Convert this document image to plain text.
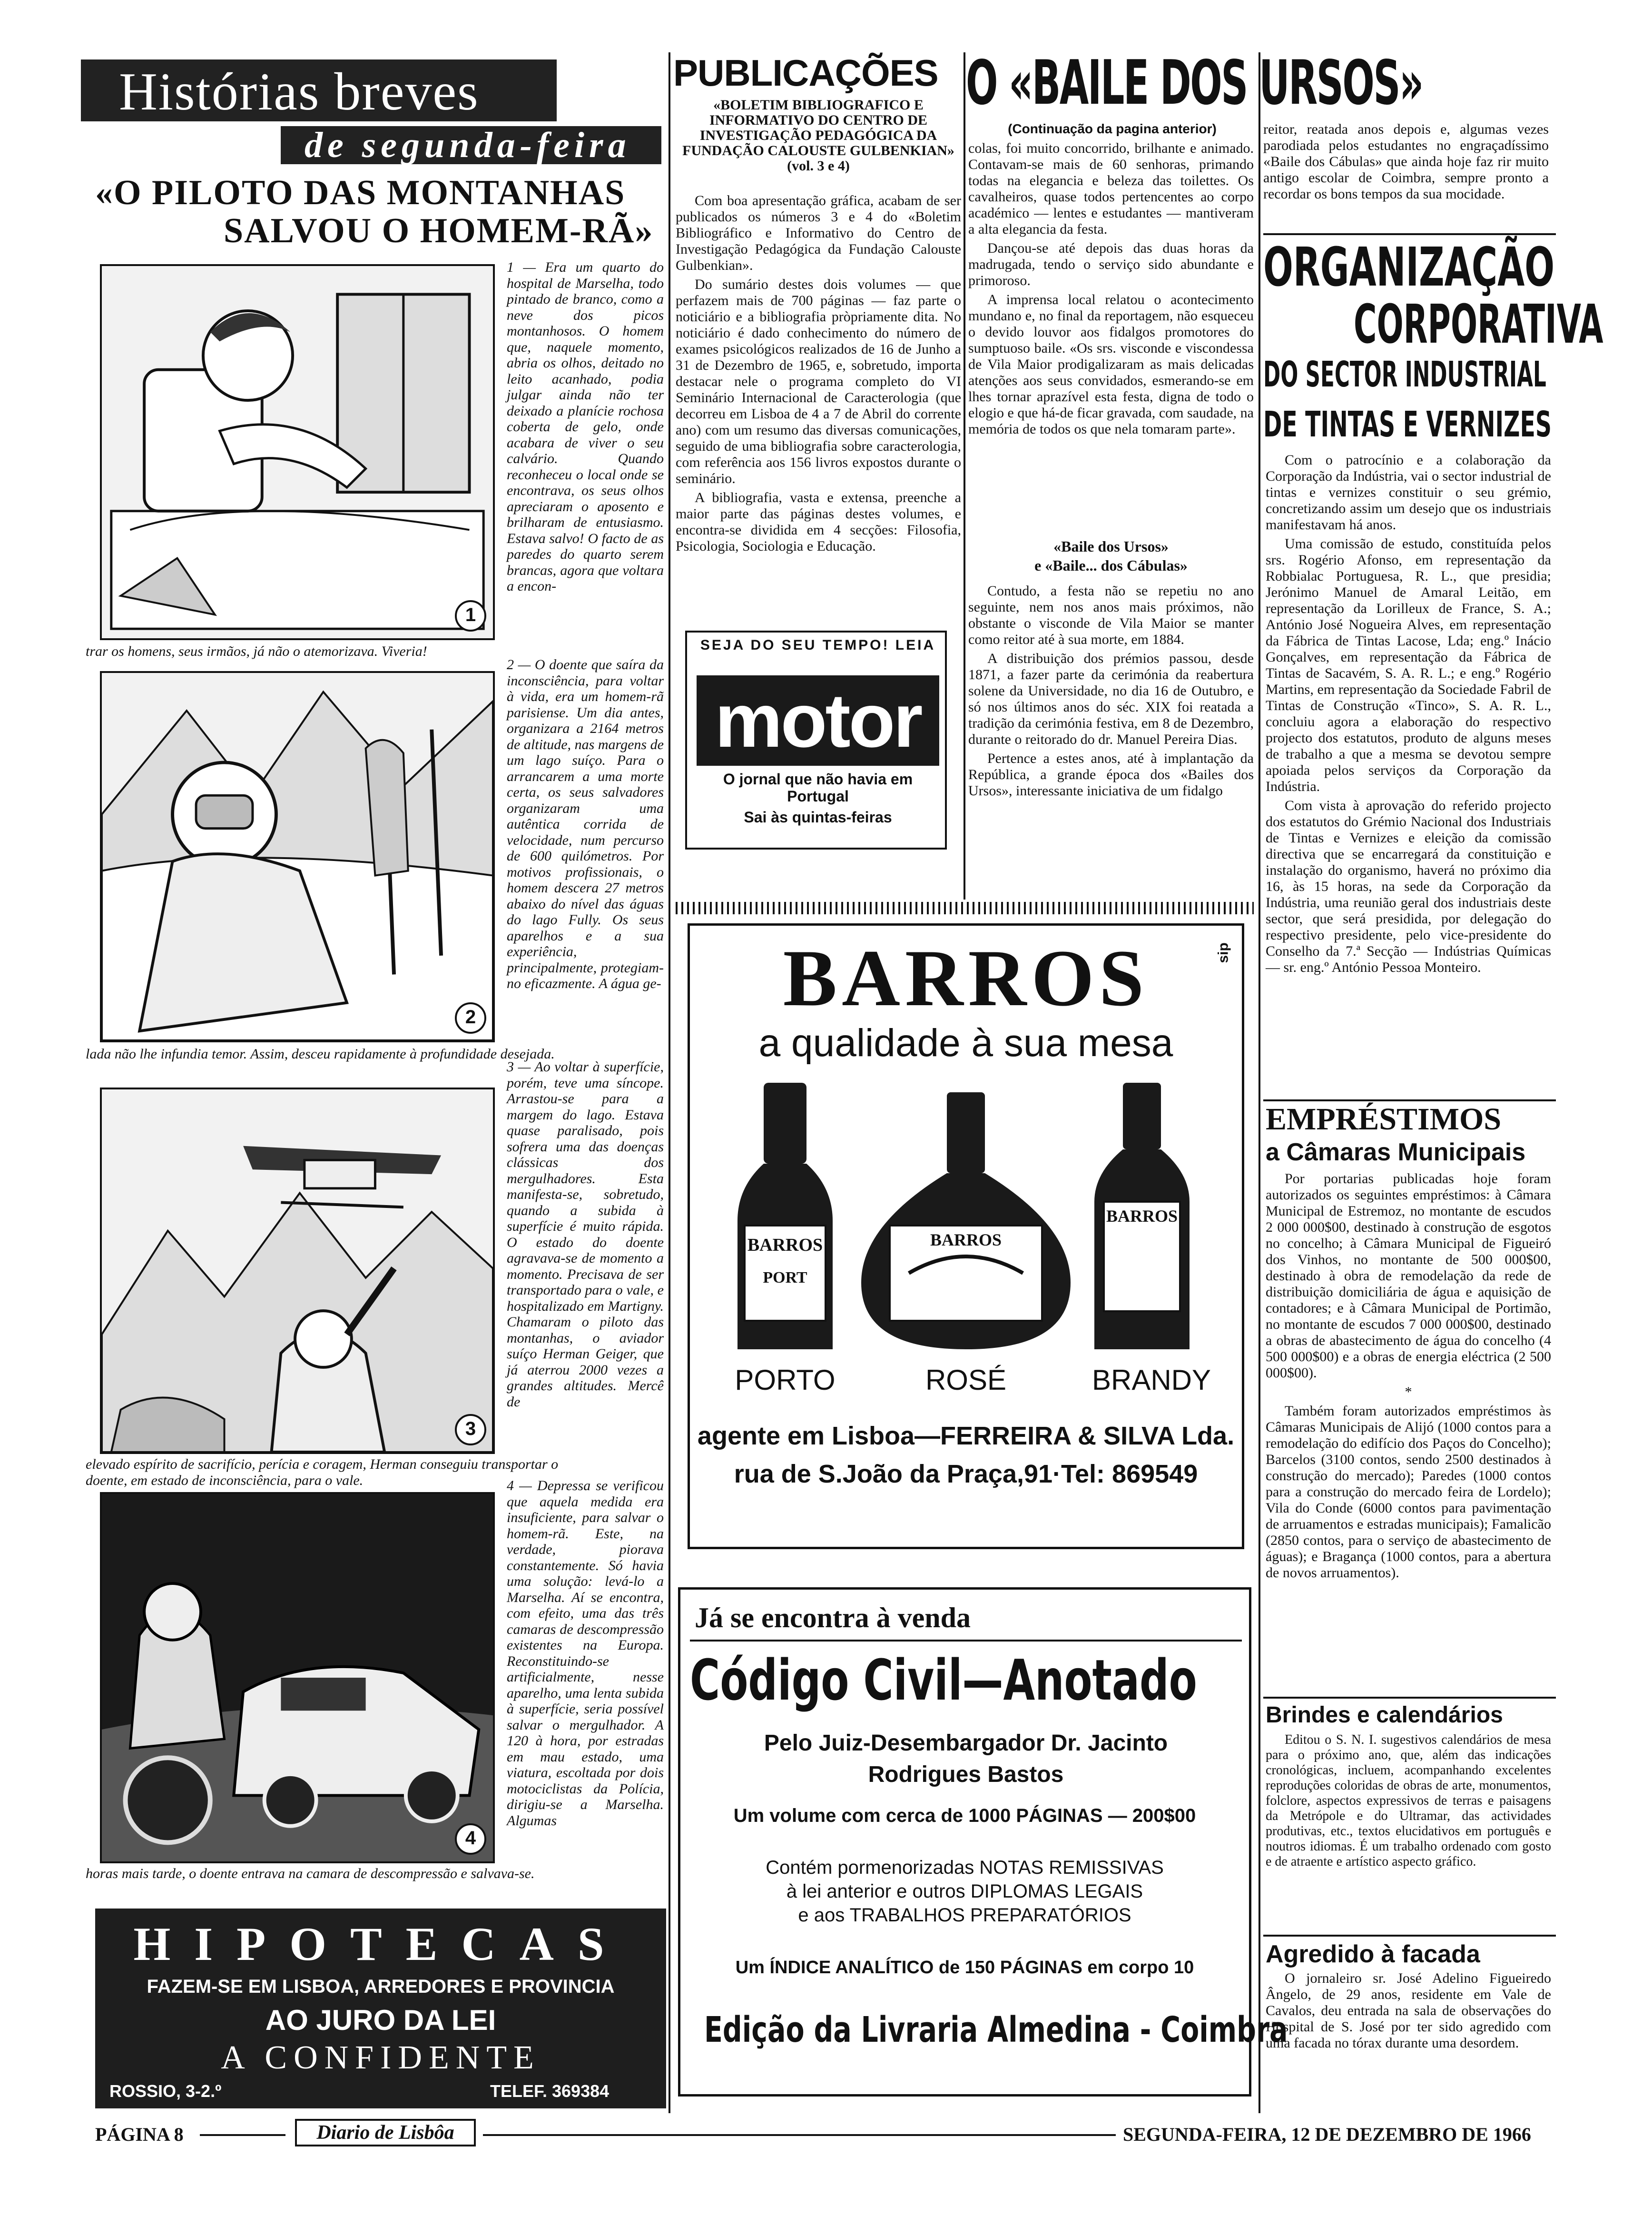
Histórias breves
de segunda-feira
«O PILOTO DAS MONTANHAS
SALVOU O HOMEM-RÃ»
1
1 — Era um quarto do hospital de Marselha, todo pintado de branco, como a neve dos picos montanhosos. O homem que, naquele momento, abria os olhos, deitado no leito acanhado, podia julgar ainda não ter deixado a planície rochosa coberta de gelo, onde acabara de viver o seu calvário. Quando reconheceu o local onde se encontrava, os seus olhos apreciaram o aposento e brilharam de entusiasmo. Estava salvo! O facto de as paredes do quarto serem brancas, agora que voltara a encon-
trar os homens, seus irmãos, já não o atemorizava. Viveria!
2
2 — O doente que saíra da inconsciência, para voltar à vida, era um homem-rã parisiense. Um dia antes, organizara a 2164 metros de altitude, nas margens de um lago suíço. Para o arrancarem a uma morte certa, os seus salvadores organizaram uma autêntica corrida de velocidade, num percurso de 600 quilómetros. Por motivos profissionais, o homem descera 27 metros abaixo do nível das águas do lago Fully. Os seus aparelhos e a sua experiência, principalmente, protegiam-no eficazmente. A água ge-
lada não lhe infundia temor. Assim, desceu rapidamente à profundidade desejada.
3
3 — Ao voltar à superfície, porém, teve uma síncope. Arrastou-se para a margem do lago. Estava quase paralisado, pois sofrera uma das doenças clássicas dos mergulhadores. Esta manifesta-se, sobretudo, quando a subida à superfície é muito rápida. O estado do doente agravava-se de momento a momento. Precisava de ser transportado para o vale, e hospitalizado em Martigny. Chamaram o piloto das montanhas, o aviador suíço Herman Geiger, que já aterrou 2000 vezes a grandes altitudes. Mercê de
elevado espírito de sacrifício, perícia e coragem, Herman conseguiu transportar o doente, em estado de inconsciência, para o vale.
4
4 — Depressa se verificou que aquela medida era insuficiente, para salvar o homem-rã. Este, na verdade, piorava constantemente. Só havia uma solução: levá-lo a Marselha. Aí se encontra, com efeito, uma das três camaras de descompressão existentes na Europa. Reconstituindo-se artificialmente, nesse aparelho, uma lenta subida à superfície, seria possível salvar o mergulhador. A 120 à hora, por estradas em mau estado, uma viatura, escoltada por dois motociclistas da Polícia, dirigiu-se a Marselha. Algumas
horas mais tarde, o doente entrava na camara de descompressão e salvava-se.
HIPOTECAS
FAZEM-SE EM LISBOA, ARREDORES E PROVINCIA
AO JURO DA LEI
A CONFIDENTE
ROSSIO, 3-2.º	TELEF. 369384
PUBLICAÇÕES
«BOLETIM BIBLIOGRAFICO E INFORMATIVO DO CENTRO DE INVESTIGAÇÃO PEDAGÓGICA DA FUNDAÇÃO CALOUSTE GULBENKIAN» (vol. 3 e 4)

Com boa apresentação gráfica, acabam de ser publicados os números 3 e 4 do «Boletim Bibliográfico e Informativo do Centro de Investigação Pedagógica da Fundação Calouste Gulbenkian».

Do sumário destes dois volumes — que perfazem mais de 700 páginas — faz parte o noticiário e a bibliografia pròpriamente dita. No noticiário é dado conhecimento do número de exames psicológicos realizados de 16 de Junho a 31 de Dezembro de 1965, e, sobretudo, importa destacar nele o programa completo do VI Seminário Internacional de Caracterologia (que decorreu em Lisboa de 4 a 7 de Abril do corrente ano) com um resumo das diversas comunicações, seguido de uma bibliografia sobre caracterologia, com referência aos 156 livros expostos durante o seminário.

A bibliografia, vasta e extensa, preenche a maior parte das páginas destes volumes, e encontra-se dividida em 4 secções: Filosofia, Psicologia, Sociologia e Educação.

SEJA DO SEU TEMPO! LEIA
motor
O jornal que não havia em Portugal
Sai às quintas-feiras
O «BAILE DOS URSOS»
(Continuação da pagina anterior)

colas, foi muito concorrido, brilhante e animado. Contavam-se mais de 60 senhoras, primando todas na elegancia e beleza das toilettes. Os cavalheiros, quase todos pertencentes ao corpo académico — lentes e estudantes — mantiveram a alta elegancia da festa.

Dançou-se até depois das duas horas da madrugada, tendo o serviço sido abundante e primoroso.

A imprensa local relatou o acontecimento mundano e, no final da reportagem, não esqueceu o devido louvor aos fidalgos promotores do sumptuoso baile. «Os srs. visconde e viscondessa de Vila Maior prodigalizaram as mais delicadas atenções aos seus convidados, esmerando-se em lhes tornar aprazível esta festa, digna de todo o elogio e que há-de ficar gravada, com saudade, na memória de todos os que nela tomaram parte».

«Baile dos Ursos»
e «Baile... dos Cábulas»

Contudo, a festa não se repetiu no ano seguinte, nem nos anos mais próximos, não obstante o visconde de Vila Maior se manter como reitor até à sua morte, em 1884.

A distribuição dos prémios passou, desde 1871, a fazer parte da cerimónia da reabertura solene da Universidade, no dia 16 de Outubro, e só nos últimos anos do séc. XIX foi reatada a tradição da cerimónia festiva, em 8 de Dezembro, durante o reitorado do dr. Manuel Pereira Dias.

Pertence a estes anos, até à implantação da República, a grande época dos «Bailes dos Ursos», interessante iniciativa de um fidalgo

reitor, reatada anos depois e, algumas vezes parodiada pelos estudantes no engraçadíssimo «Baile dos Cábulas» que ainda hoje faz rir muito antigo escolar de Coimbra, sempre pronto a recordar os bons tempos da sua mocidade.

BARROS	sip
a qualidade à sua mesa
BARROS
PORT
BARROS
BARROS
PORTO	ROSÉ	BRANDY
agente em Lisboa—FERREIRA & SILVA Lda.
rua de S.João da Praça,91·Tel: 869549
Já se encontra à venda
Código Civil—Anotado
Pelo Juiz-Desembargador Dr. Jacinto Rodrigues Bastos
Um volume com cerca de 1000 PÁGINAS — 200$00
Contém pormenorizadas NOTAS REMISSIVAS
à lei anterior e outros DIPLOMAS LEGAIS
e aos TRABALHOS PREPARATÓRIOS
Um ÍNDICE ANALÍTICO de 150 PÁGINAS em corpo 10
Edição da Livraria Almedina - Coimbra
ORGANIZAÇÃO
CORPORATIVA
DO SECTOR INDUSTRIAL
DE TINTAS E VERNIZES

Com o patrocínio e a colaboração da Corporação da Indústria, vai o sector industrial de tintas e vernizes constituir o seu grémio, concretizando assim um desejo que os industriais manifestavam há anos.

Uma comissão de estudo, constituída pelos srs. Rogério Afonso, em representação da Robbialac Portuguesa, R. L., que presidia; Jerónimo Manuel de Amaral Leitão, em representação da Lorilleux de France, S. A.; António José Nogueira Alves, em representação da Fábrica de Tintas Lacose, Lda; eng.º Inácio Gonçalves, em representação da Fábrica de Tintas de Sacavém, S. A. R. L.; e eng.º Rogério Martins, em representação da Sociedade Fabril de Tintas de Construção «Tinco», S. A. R. L., concluiu agora a elaboração do respectivo projecto dos estatutos, produto de alguns meses de trabalho a que a mesma se devotou sempre apoiada pelos serviços da Corporação da Indústria.

Com vista à aprovação do referido projecto dos estatutos do Grémio Nacional dos Industriais de Tintas e Vernizes e eleição da comissão directiva que se encarregará da constituição e instalação do organismo, haverá no próximo dia 16, às 15 horas, na sede da Corporação da Indústria, uma reunião geral dos industriais deste sector, que será presidida, por delegação do respectivo presidente, pelo vice-presidente do Conselho da 7.ª Secção — Indústrias Químicas — sr. eng.º António Pessoa Monteiro.

EMPRÉSTIMOS
a Câmaras Municipais

Por portarias publicadas hoje foram autorizados os seguintes empréstimos: à Câmara Municipal de Estremoz, no montante de escudos 2 000 000$00, destinado à construção de esgotos no concelho; à Câmara Municipal de Figueiró dos Vinhos, no montante de 500 000$00, destinado à obra de remodelação da rede de distribuição domiciliária de água e aquisição de contadores; e à Câmara Municipal de Portimão, no montante de escudos 7 000 000$00, destinado a obras de abastecimento de água do concelho (4 500 000$00) e a obras de energia eléctrica (2 500 000$00).

*

Também foram autorizados empréstimos às Câmaras Municipais de Alijó (1000 contos para a remodelação do edifício dos Paços do Concelho); Barcelos (3100 contos, sendo 2500 destinados à construção do mercado); Paredes (1000 contos para a construção do mercado feira de Lordelo); Vila do Conde (6000 contos para pavimentação de arruamentos e estradas municipais); Famalicão (2850 contos, para o serviço de abastecimento de águas); e Bragança (1000 contos, para a abertura de novos arruamentos).

Brindes e calendários

Editou o S. N. I. sugestivos calendários de mesa para o próximo ano, que, além das indicações cronológicas, incluem, acompanhando excelentes reproduções coloridas de obras de arte, monumentos, folclore, aspectos expressivos de terras e paisagens da Metrópole e do Ultramar, das actividades produtivas, etc., textos elucidativos em português e noutros idiomas. É um trabalho ordenado com gosto e de atraente e artístico aspecto gráfico.

Agredido à facada

O jornaleiro sr. José Adelino Figueiredo Ângelo, de 29 anos, residente em Vale de Cavalos, deu entrada na sala de observações do Hospital de S. José por ter sido agredido com uma facada no tórax durante uma desordem.

PÁGINA 8	Diario de Lisbôa	SEGUNDA-FEIRA, 12 DE DEZEMBRO DE 1966
